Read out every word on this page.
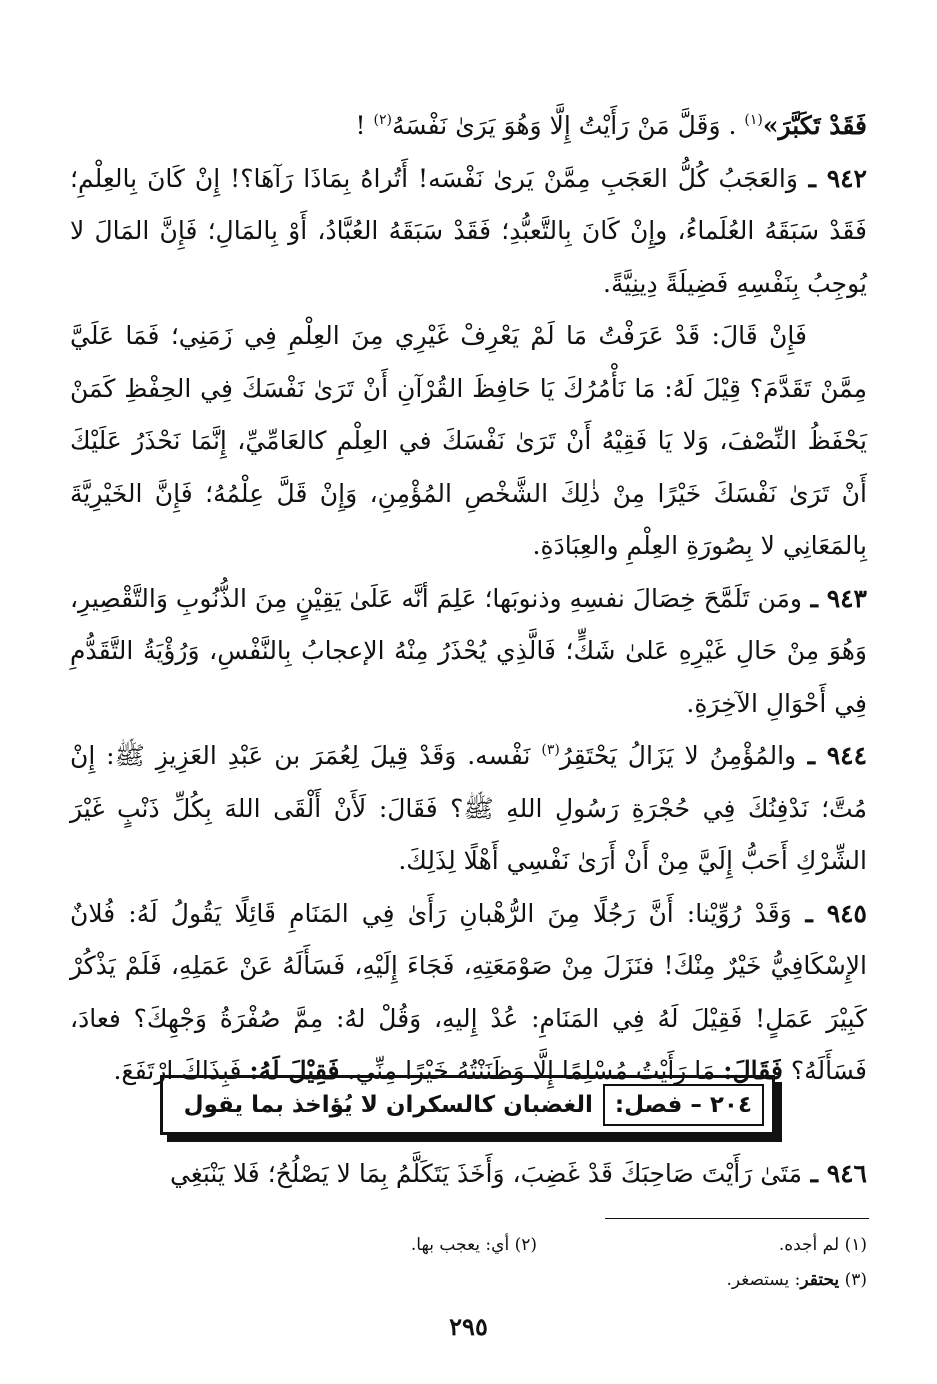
فَقَدْ تَكَبَّرَ»$^{(١)}$ . وَقَلَّ مَنْ رَأَيْتُ إِلَّا وَهُوَ يَرَىٰ نَفْسَهُ$^{(٢)}$ !

٩٤٢ ـ وَالعَجَبُ كُلُّ العَجَبِ مِمَّنْ يَرىٰ نَفْسَه! أَتُراهُ بِمَاذَا رَآهَا؟! إِنْ كَانَ بِالعِلْمِ؛ فَقَدْ سَبَقَهُ العُلَماءُ، وإِنْ كَانَ بِالتَّعبُّدِ؛ فَقَدْ سَبَقَهُ العُبَّادُ، أَوْ بِالمَالِ؛ فَإِنَّ المَالَ لا يُوجِبُ بِنَفْسِهِ فَضِيلَةً دِينِيَّةً.

فَإِنْ قَالَ: قَدْ عَرَفْتُ مَا لَمْ يَعْرِفْ غَيْرِي مِنَ العِلْمِ فِي زَمَنِي؛ فَمَا عَلَيَّ مِمَّنْ تَقَدَّمَ؟ قِيْلَ لَهُ: مَا نَأْمُرُكَ يَا حَافِظَ القُرْآنِ أَنْ تَرَىٰ نَفْسَكَ فِي الحِفْظِ كَمَنْ يَحْفَظُ النِّصْفَ، وَلا يَا فَقِيْهُ أَنْ تَرَىٰ نَفْسَكَ في العِلْمِ كالعَامِّيِّ، إِنَّمَا نَحْذَرُ عَلَيْكَ أَنْ تَرَىٰ نَفْسَكَ خَيْرًا مِنْ ذٰلِكَ الشَّخْصِ المُؤْمِنِ، وَإِنْ قَلَّ عِلْمُهُ؛ فَإِنَّ الخَيْرِيَّةَ بِالمَعَانِي لا بِصُورَةِ العِلْمِ والعِبَادَةِ.

٩٤٣ ـ ومَن تَلَمَّحَ خِصَالَ نفسِهِ وذنوبَها؛ عَلِمَ أنَّه عَلَىٰ يَقِيْنٍ مِنَ الذُّنُوبِ وَالتَّقْصِيرِ، وَهُوَ مِنْ حَالِ غَيْرِهِ عَلىٰ شَكٍّ؛ فَالَّذِي يُحْذَرُ مِنْهُ الإعجابُ بِالنَّفْسِ، وَرُؤْيَةُ التَّقَدُّمِ فِي أَحْوَالِ الآخِرَةِ.

٩٤٤ ـ والمُؤْمِنُ لا يَزَالُ يَحْتَقِرُ$^{(٣)}$ نَفْسه. وَقَدْ قِيلَ لِعُمَرَ بن عَبْدِ العَزِيزِ ﷺ: إِنْ مُتَّ؛ نَدْفِنُكَ فِي حُجْرَةِ رَسُولِ اللهِ ﷺ؟ فَقَالَ: لَأَنْ أَلْقَى اللهَ بِكُلِّ ذَنْبٍ غَيْرَ الشِّرْكِ أَحَبُّ إِلَيَّ مِنْ أَنْ أَرَىٰ نَفْسِي أَهْلًا لِذَلِكَ.

٩٤٥ ـ وَقَدْ رُوِّيْنا: أَنَّ رَجُلًا مِنَ الرُّهْبانِ رَأَىٰ فِي المَنَامِ قَائِلًا يَقُولُ لَهُ: فُلانٌ الإِسْكَافِيُّ خَيْرٌ مِنْكَ! فنَزَلَ مِنْ صَوْمَعَتِهِ، فَجَاءَ إِلَيْهِ، فَسَأَلَهُ عَنْ عَمَلِهِ، فَلَمْ يَذْكُرْ كَبِيْرَ عَمَلٍ! فَقِيْلَ لَهُ فِي المَنَامِ: عُدْ إِليهِ، وَقُلْ لهُ: مِمَّ صُفْرَةُ وَجْهِكَ؟ فعادَ، فَسَأَلَهُ؟ فَقَالَ: مَا رَأَيْتُ مُسْلِمًا إِلَّا وَظَنَنْتُهُ خَيْرًا مِنِّي. فَقِيْلَ لَهُ: فَبِذَاكَ ارْتَفَعَ.

٢٠٤ – فصل:
الغضبان كالسكران لا يُؤاخذ بما يقول

٩٤٦ ـ مَتَىٰ رَأَيْتَ صَاحِبَكَ قَدْ غَضِبَ، وَأَخَذَ يَتَكَلَّمُ بِمَا لا يَصْلُحُ؛ فَلا يَنْبَغِي

(١) لم أجده.
(٢) أي: يعجب بها.
(٣) يحتقر: يستصغر.
٢٩٥
